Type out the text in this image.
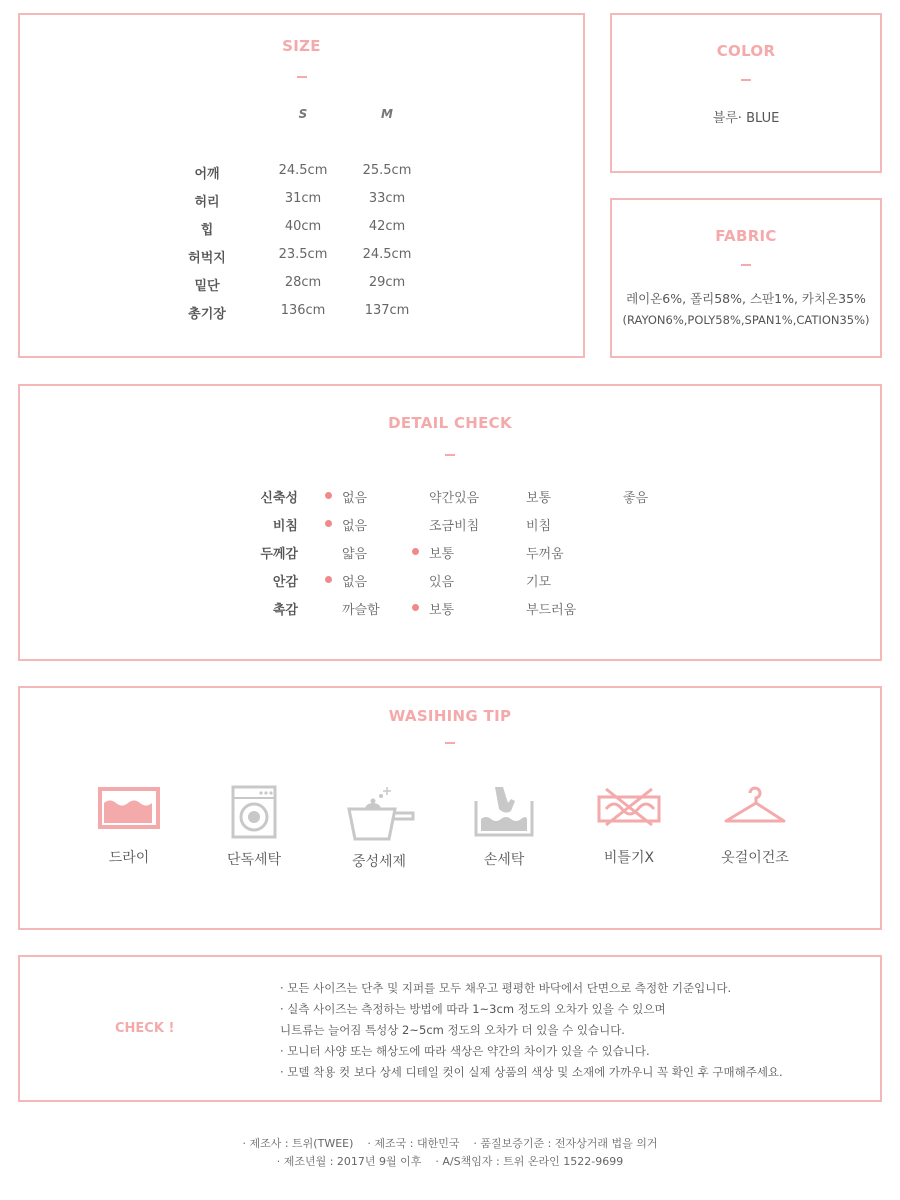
SIZE
S	M
어깨	24.5cm	25.5cm
허리	31cm	33cm
힙	40cm	42cm
허벅지	23.5cm	24.5cm
밑단	28cm	29cm
총기장	136cm	137cm
COLOR
블루· BLUE
FABRIC
레이온6%, 폴리58%, 스판1%, 카치온35%
(RAYON6%,POLY58%,SPAN1%,CATION35%)
DETAIL CHECK
신축성	없음	약간있음	보통	좋음
비침	없음	조금비침	비침
두께감	얇음	보통	두꺼움
안감	없음	있음	기모
촉감	까슬함	보통	부드러움
WASIHING TIP
드라이	단독세탁	중성세제	손세탁	비틀기X	옷걸이건조
CHECK !
· 모든 사이즈는 단추 및 지퍼를 모두 채우고 평평한 바닥에서 단면으로 측정한 기준입니다.
· 실측 사이즈는 측정하는 방법에 따라 1~3cm 정도의 오차가 있을 수 있으며
니트류는 늘어짐 특성상 2~5cm 정도의 오차가 더 있을 수 있습니다.
· 모니터 사양 또는 해상도에 따라 색상은 약간의 차이가 있을 수 있습니다.
· 모델 착용 컷 보다 상세 디테일 컷이 실제 상품의 색상 및 소재에 가까우니 꼭 확인 후 구매해주세요.
· 제조사 : 트위(TWEE)    · 제조국 : 대한민국    · 품질보증기준 : 전자상거래 법을 의거
· 제조년월 : 2017년 9월 이후    · A/S책임자 : 트위 온라인 1522-9699
